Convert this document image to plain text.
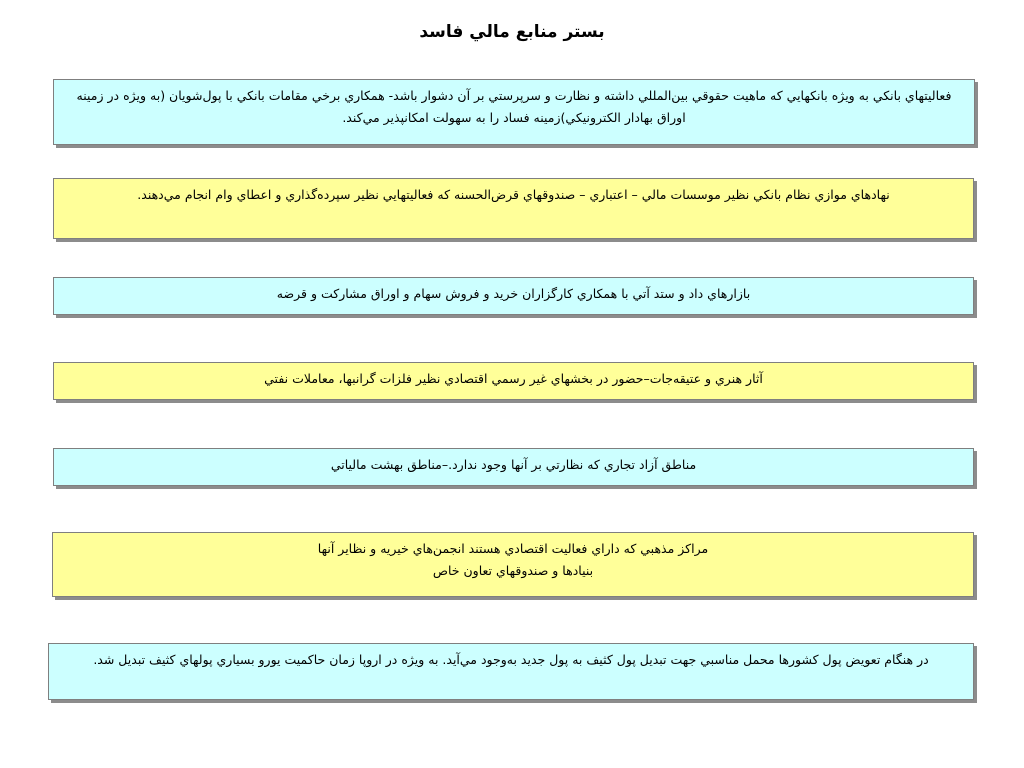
بستر منابع مالي فاسد

فعاليتهاي بانكي به ويژه بانكهايي كه ماهيت حقوقي بين‌المللي داشته و نظارت و سرپرستي بر آن دشوار باشد- همكاري برخي مقامات بانكي با پول‌شويان (به ويژه در زمينه اوراق بهادار الكترونيكي)زمينه فساد را به سهولت امكانپذير مي‌كند.

نهادهاي موازي نظام بانكي نظير موسسات مالي – اعتباري – صندوقهاي قرض‌الحسنه كه فعاليتهايي نظير سپرده‌گذاري و اعطاي وام انجام مي‌دهند.

بازارهاي داد و ستد آتي با همكاري كارگزاران خريد و فروش سهام و اوراق مشاركت و قرضه

آثار هنري و عتيقه‌جات–حضور در بخشهاي غير رسمي اقتصادي نظير فلزات گرانبها، معاملات نفتي

مناطق آزاد تجاري كه نظارتي بر آنها وجود ندارد.–مناطق بهشت مالياتي

مراكز مذهبي كه داراي فعاليت اقتصادي هستند انجمن‌هاي خيريه و نظاير آنها

بنيادها و صندوقهاي تعاون خاص

در هنگام تعويض پول كشورها محمل مناسبي جهت تبديل پول كثيف به پول جديد به‌وجود مي‌آيد. به ويژه در اروپا زمان حاكميت يورو بسياري پولهاي كثيف تبديل شد.
